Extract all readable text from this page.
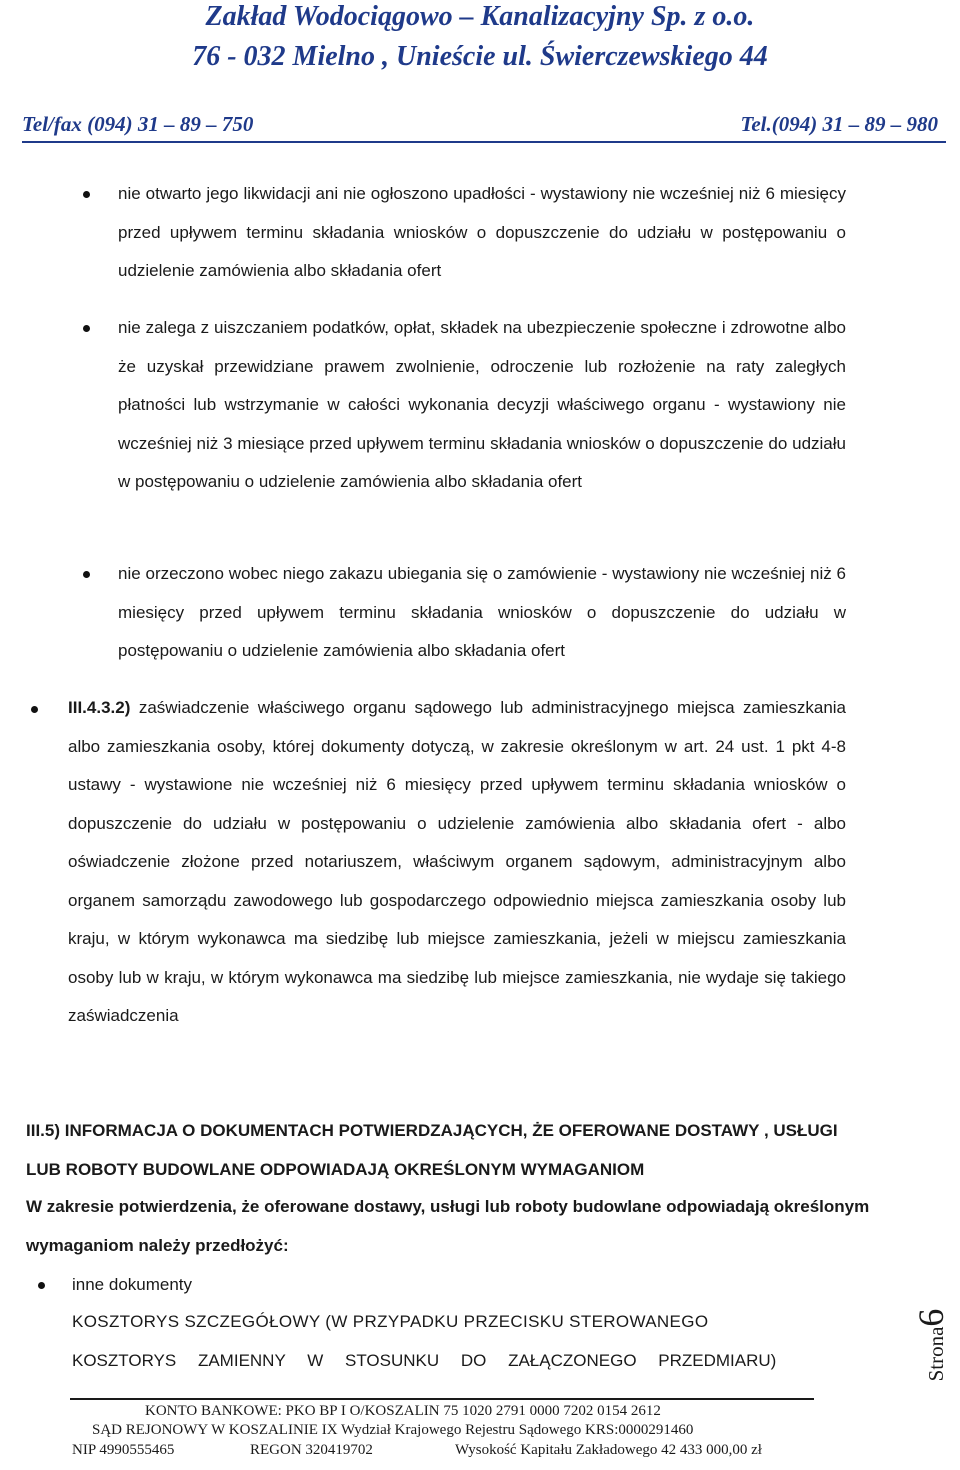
Zakład Wodociągowo – Kanalizacyjny Sp. z o.o.
76 - 032 Mielno , Unieście ul. Świerczewskiego 44
Tel/fax (094) 31 – 89 – 750	Tel.(094) 31 – 89 – 980

nie otwarto jego likwidacji ani nie ogłoszono upadłości - wystawiony nie wcześniej niż 6 miesięcy przed upływem terminu składania wniosków o dopuszczenie do udziału w postępowaniu o udzielenie zamówienia albo składania ofert

nie zalega z uiszczaniem podatków, opłat, składek na ubezpieczenie społeczne i zdrowotne albo że uzyskał przewidziane prawem zwolnienie, odroczenie lub rozłożenie na raty zaległych płatności lub wstrzymanie w całości wykonania decyzji właściwego organu - wystawiony nie wcześniej niż 3 miesiące przed upływem terminu składania wniosków o dopuszczenie do udziału w postępowaniu o udzielenie zamówienia albo składania ofert

nie orzeczono wobec niego zakazu ubiegania się o zamówienie - wystawiony nie wcześniej niż 6 miesięcy przed upływem terminu składania wniosków o dopuszczenie do udziału w postępowaniu o udzielenie zamówienia albo składania ofert

III.4.3.2) zaświadczenie właściwego organu sądowego lub administracyjnego miejsca zamieszkania albo zamieszkania osoby, której dokumenty dotyczą, w zakresie określonym w art. 24 ust. 1 pkt 4-8 ustawy - wystawione nie wcześniej niż 6 miesięcy przed upływem terminu składania wniosków o dopuszczenie do udziału w postępowaniu o udzielenie zamówienia albo składania ofert - albo oświadczenie złożone przed notariuszem, właściwym organem sądowym, administracyjnym albo organem samorządu zawodowego lub gospodarczego odpowiednio miejsca zamieszkania osoby lub kraju, w którym wykonawca ma siedzibę lub miejsce zamieszkania, jeżeli w miejscu zamieszkania osoby lub w kraju, w którym wykonawca ma siedzibę lub miejsce zamieszkania, nie wydaje się takiego zaświadczenia

III.5) INFORMACJA O DOKUMENTACH POTWIERDZAJĄCYCH, ŻE OFEROWANE DOSTAWY , USŁUGI LUB ROBOTY BUDOWLANE ODPOWIADAJĄ OKREŚLONYM WYMAGANIOM

W zakresie potwierdzenia, że oferowane dostawy, usługi lub roboty budowlane odpowiadają określonym wymaganiom należy przedłożyć:

inne dokumenty
KOSZTORYS SZCZEGÓŁOWY (W PRZYPADKU PRZECISKU STEROWANEGO
KOSZTORYS ZAMIENNY W STOSUNKU DO ZAŁĄCZONEGO PRZEDMIARU)	Strona6
KONTO BANKOWE: PKO BP I O/KOSZALIN 75 1020 2791 0000 7202 0154 2612
SĄD REJONOWY W KOSZALINIE IX Wydział Krajowego Rejestru Sądowego KRS:0000291460
NIP 4990555465	REGON 320419702	Wysokość Kapitału Zakładowego 42 433 000,00 zł
